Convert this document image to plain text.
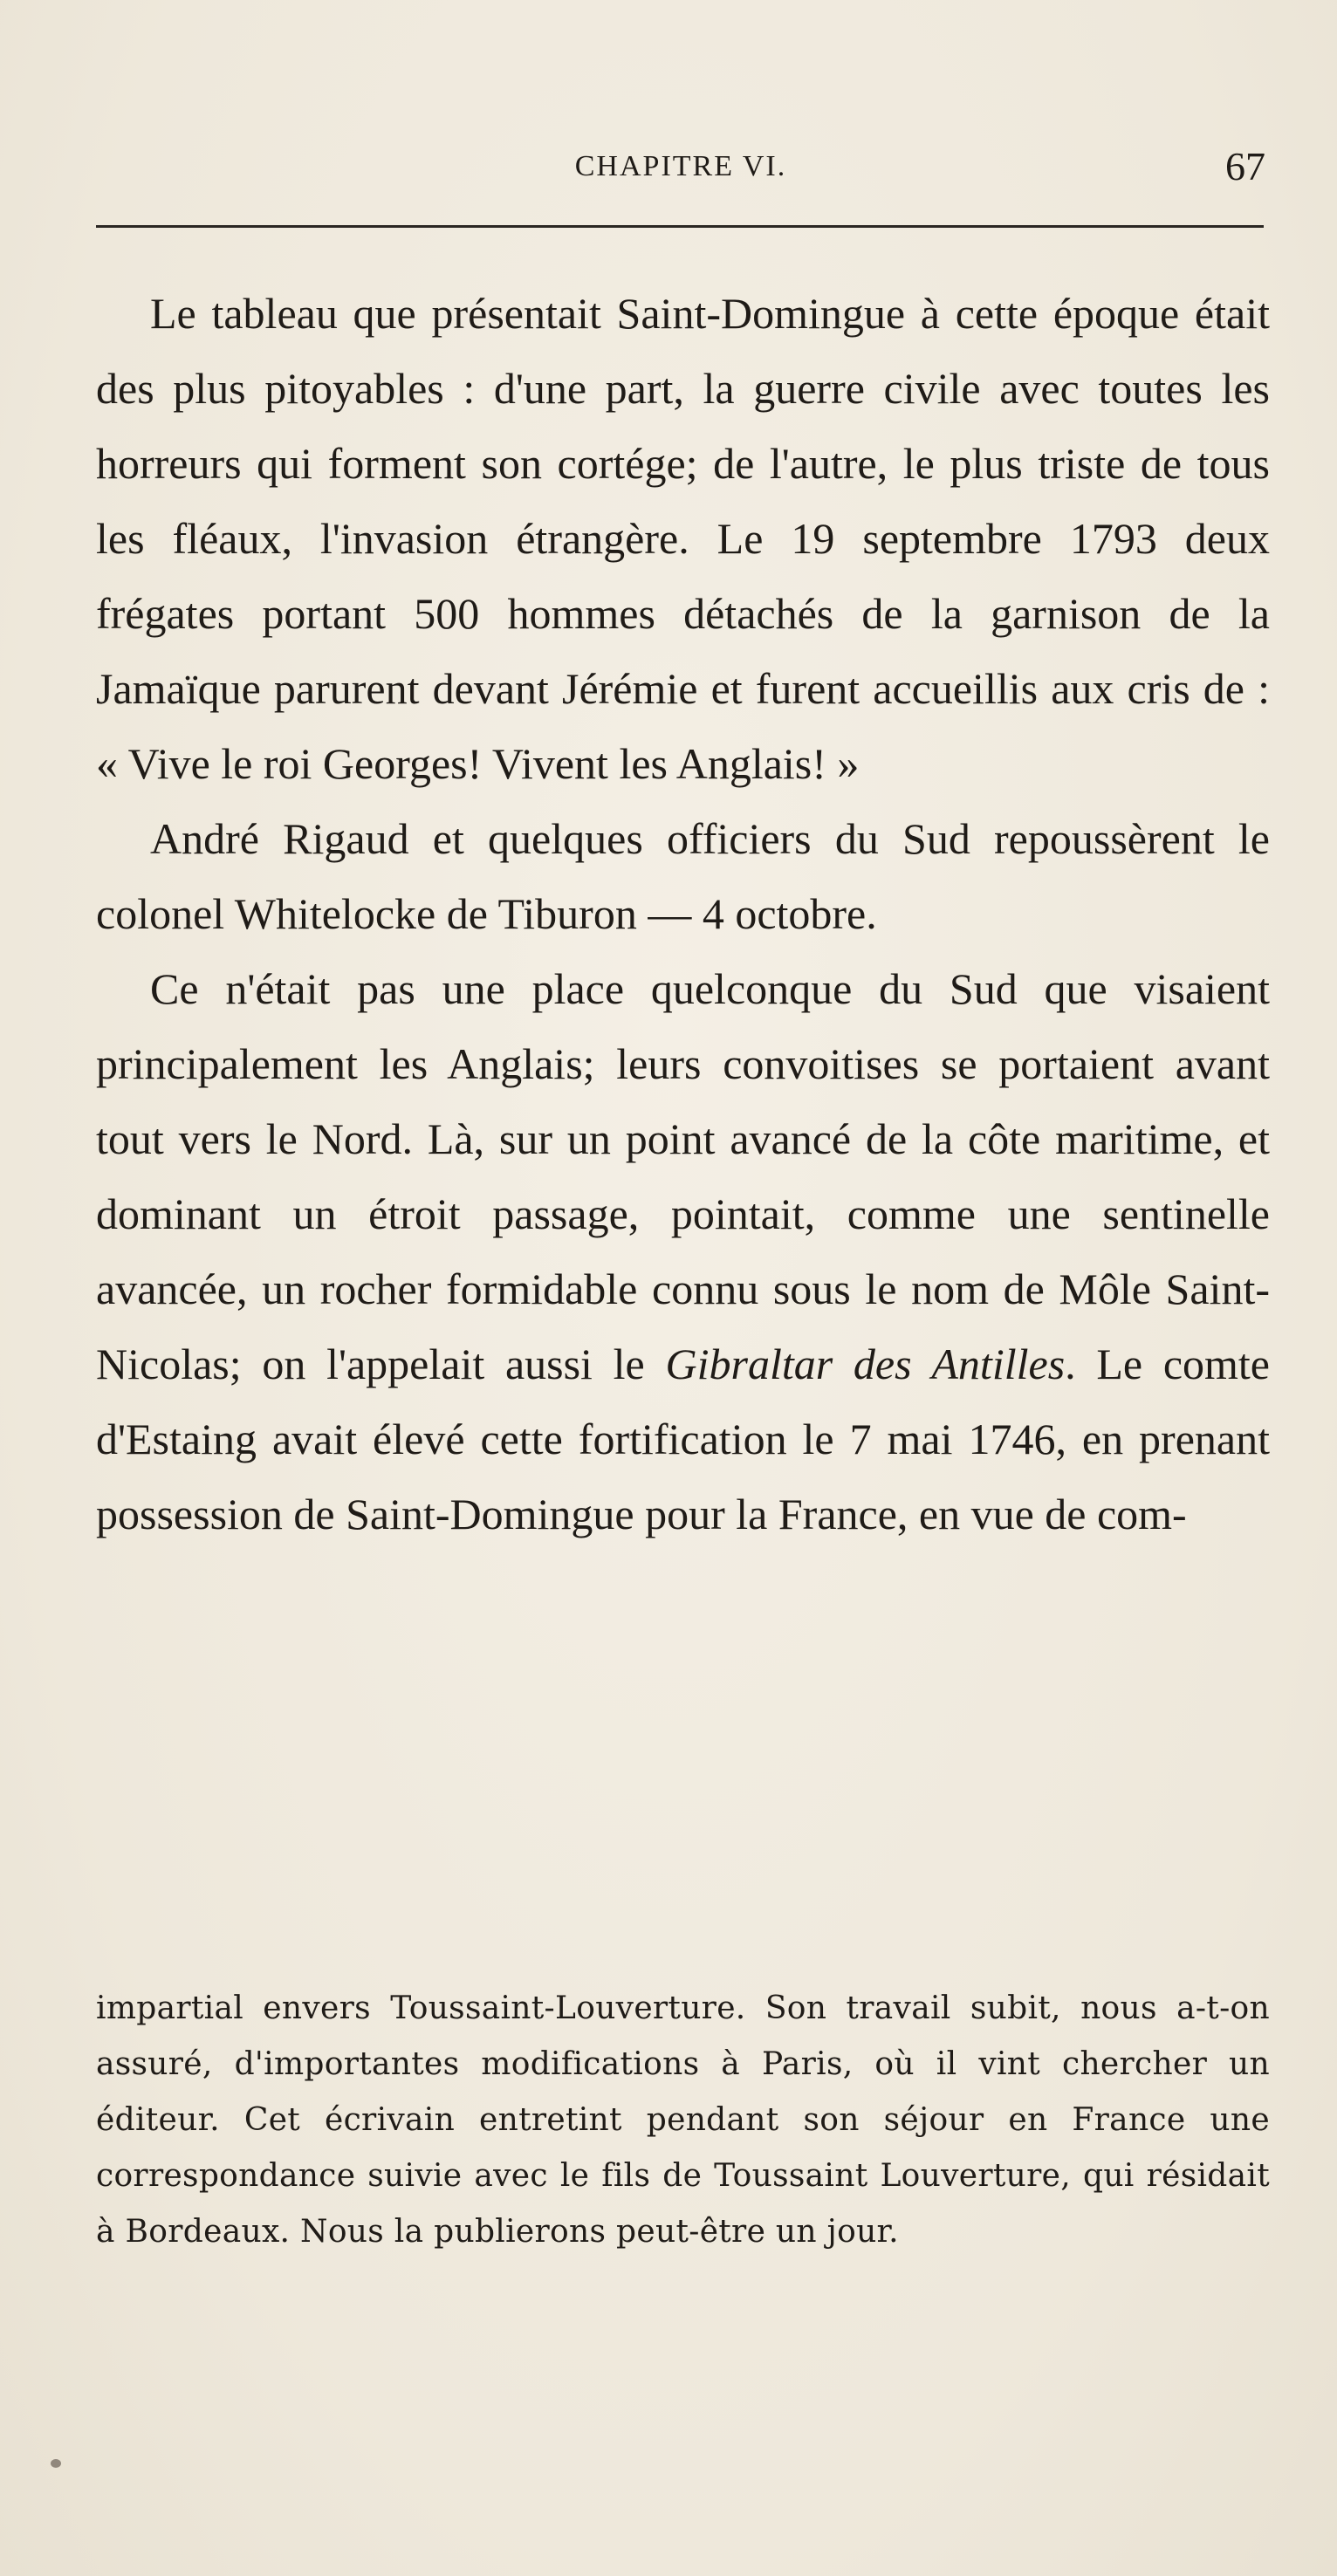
CHAPITRE VI.	67

Le tableau que présentait Saint-Domingue à cette époque était des plus pitoyables : d'une part, la guerre civile avec toutes les horreurs qui forment son cortége; de l'autre, le plus triste de tous les fléaux, l'invasion étrangère. Le 19 septembre 1793 deux frégates portant 500 hommes détachés de la garnison de la Jamaïque parurent devant Jérémie et furent accueillis aux cris de : « Vive le roi Georges! Vivent les Anglais! »

André Rigaud et quelques officiers du Sud repoussèrent le colonel Whitelocke de Tiburon — 4 octobre.

Ce n'était pas une place quelconque du Sud que visaient principalement les Anglais; leurs convoitises se portaient avant tout vers le Nord. Là, sur un point avancé de la côte maritime, et dominant un étroit passage, pointait, comme une sentinelle avancée, un rocher formidable connu sous le nom de Môle Saint-Nicolas; on l'appelait aussi le Gibraltar des Antilles. Le comte d'Estaing avait élevé cette fortification le 7 mai 1746, en prenant possession de Saint-Domingue pour la France, en vue de com-

impartial envers Toussaint-Louverture. Son travail subit, nous a-t-on assuré, d'importantes modifications à Paris, où il vint chercher un éditeur. Cet écrivain entretint pendant son séjour en France une correspondance suivie avec le fils de Toussaint Louverture, qui résidait à Bordeaux. Nous la publierons peut-être un jour.
